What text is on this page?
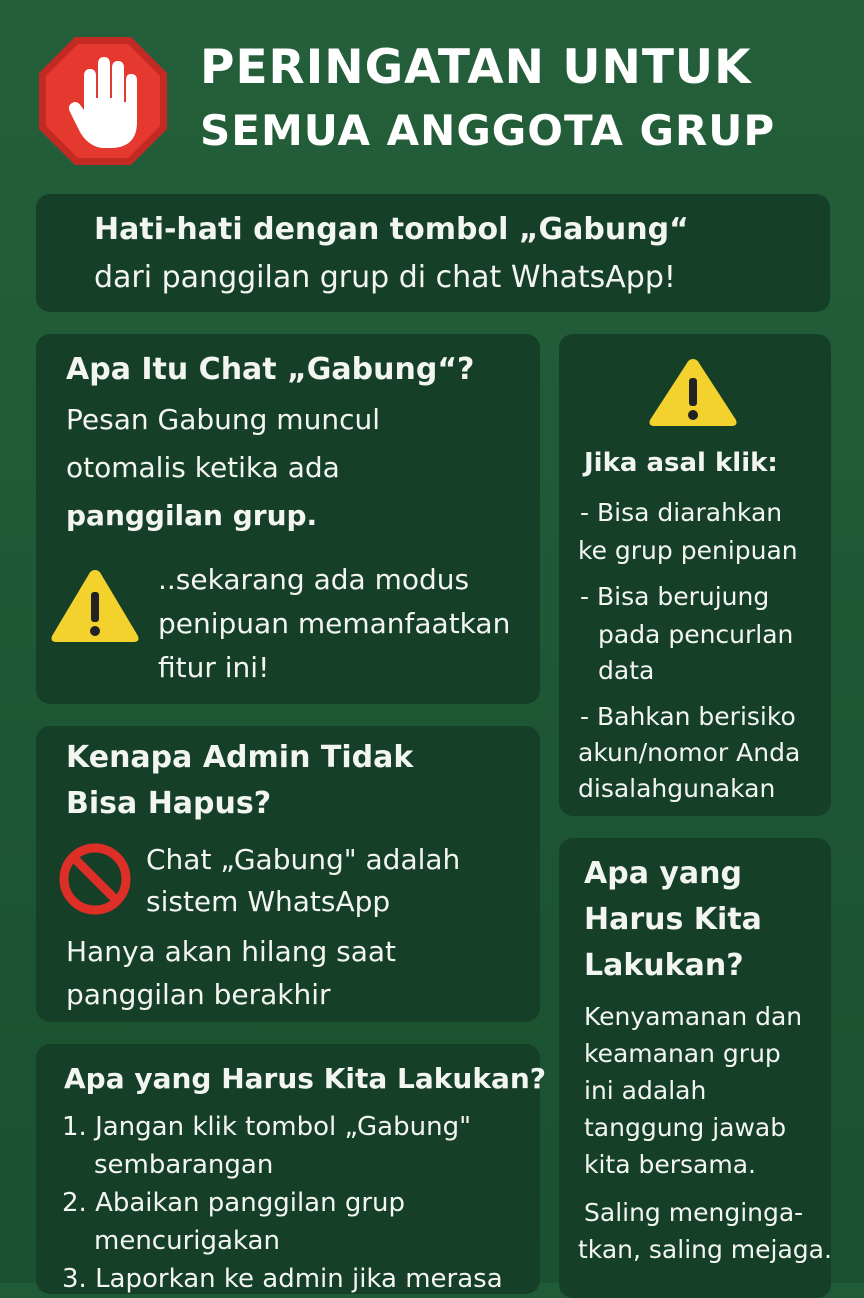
PERINGATAN UNTUK
SEMUA ANGGOTA GRUP
Hati-hati dengan tombol „Gabung“
dari panggilan grup di chat WhatsApp!
Apa Itu Chat „Gabung“?
Pesan Gabung muncul
otomalis ketika ada
panggilan grup.
..sekarang ada modus
penipuan memanfaatkan
fitur ini!
Kenapa Admin Tidak
Bisa Hapus?
Chat „Gabung" adalah
sistem WhatsApp
Hanya akan hilang saat
panggilan berakhir
Apa yang Harus Kita Lakukan?
1. Jangan klik tombol „Gabung"
sembarangan
2. Abaikan panggilan grup
mencurigakan
3. Laporkan ke admin jika merasa
Jika asal klik:
- Bisa diarahkan
ke grup penipuan
- Bisa berujung
pada pencurlan
data
- Bahkan berisiko
akun/nomor Anda
disalahgunakan
Apa yang
Harus Kita
Lakukan?
Kenyamanan dan
keamanan grup
ini adalah
tanggung jawab
kita bersama.
Saling menginga-
tkan, saling mejaga.
